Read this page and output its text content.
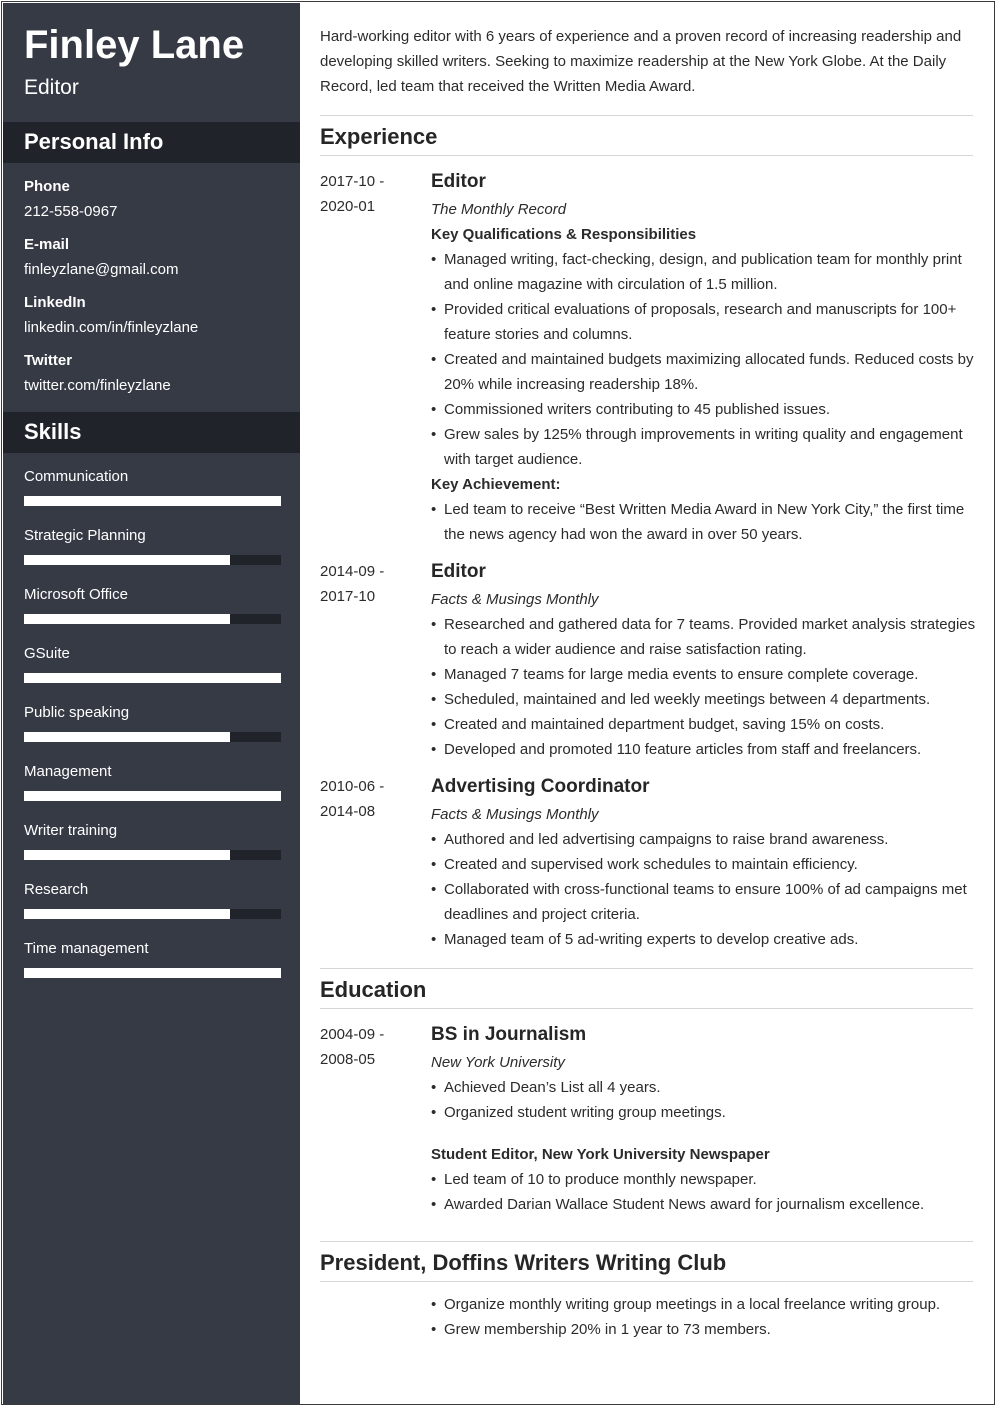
Finley Lane
Editor
Personal Info
Phone
212-558-0967
E-mail
finleyzlane@gmail.com
LinkedIn
linkedin.com/in/finleyzlane
Twitter
twitter.com/finleyzlane
Skills
Communication
Strategic Planning
Microsoft Office
GSuite
Public speaking
Management
Writer training
Research
Time management
Hard-working editor with 6 years of experience and a proven record of increasing readership and developing skilled writers. Seeking to maximize readership at the New York Globe. At the Daily Record, led team that received the Written Media Award.
Experience
2017-10 -
2020-01
Editor
The Monthly Record
Key Qualifications & Responsibilities
• Managed writing, fact-checking, design, and publication team for monthly print and online magazine with circulation of 1.5 million.
• Provided critical evaluations of proposals, research and manuscripts for 100+ feature stories and columns.
• Created and maintained budgets maximizing allocated funds. Reduced costs by 20% while increasing readership 18%.
• Commissioned writers contributing to 45 published issues.
• Grew sales by 125% through improvements in writing quality and engagement with target audience.
Key Achievement:
• Led team to receive “Best Written Media Award in New York City,” the first time the news agency had won the award in over 50 years.
2014-09 -
2017-10
Editor
Facts & Musings Monthly
• Researched and gathered data for 7 teams. Provided market analysis strategies to reach a wider audience and raise satisfaction rating.
• Managed 7 teams for large media events to ensure complete coverage.
• Scheduled, maintained and led weekly meetings between 4 departments.
• Created and maintained department budget, saving 15% on costs.
• Developed and promoted 110 feature articles from staff and freelancers.
2010-06 -
2014-08
Advertising Coordinator
Facts & Musings Monthly
• Authored and led advertising campaigns to raise brand awareness.
• Created and supervised work schedules to maintain efficiency.
• Collaborated with cross-functional teams to ensure 100% of ad campaigns met deadlines and project criteria.
• Managed team of 5 ad-writing experts to develop creative ads.
Education
2004-09 -
2008-05
BS in Journalism
New York University
• Achieved Dean’s List all 4 years.
• Organized student writing group meetings.
Student Editor, New York University Newspaper
• Led team of 10 to produce monthly newspaper.
• Awarded Darian Wallace Student News award for journalism excellence.
President, Doffins Writers Writing Club
• Organize monthly writing group meetings in a local freelance writing group.
• Grew membership 20% in 1 year to 73 members.
